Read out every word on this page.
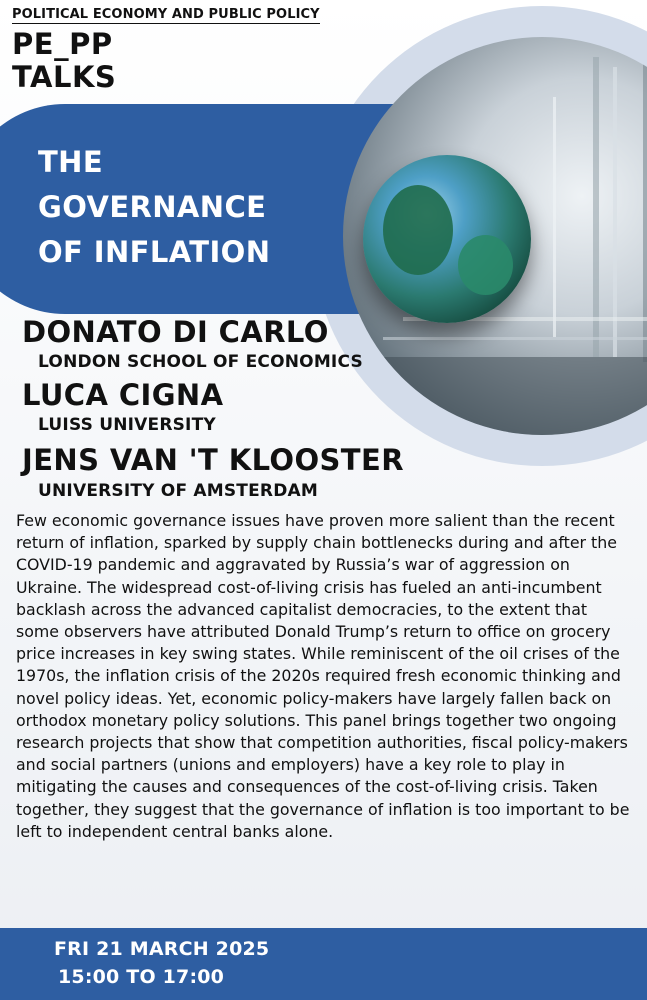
POLITICAL ECONOMY AND PUBLIC POLICY
PE_PP
TALKS
THE
GOVERNANCE
OF INFLATION
DONATO DI CARLO
LONDON SCHOOL OF ECONOMICS
LUCA CIGNA
LUISS UNIVERSITY
JENS VAN 'T KLOOSTER
UNIVERSITY OF AMSTERDAM
Few economic governance issues have proven more salient than the recent return of inflation, sparked by supply chain bottlenecks during and after the COVID-19 pandemic and aggravated by Russia’s war of aggression on Ukraine. The widespread cost-of-living crisis has fueled an anti-incumbent backlash across the advanced capitalist democracies, to the extent that some observers have attributed Donald Trump’s return to office on grocery price increases in key swing states. While reminiscent of the oil crises of the 1970s, the inflation crisis of the 2020s required fresh economic thinking and novel policy ideas. Yet, economic policy-makers have largely fallen back on orthodox monetary policy solutions. This panel brings together two ongoing research projects that show that competition authorities, fiscal policy-makers and social partners (unions and employers) have a key role to play in mitigating the causes and consequences of the cost-of-living crisis. Taken together, they suggest that the governance of inflation is too important to be left to independent central banks alone.
FRI 21 MARCH 2025
15:00 TO 17:00
